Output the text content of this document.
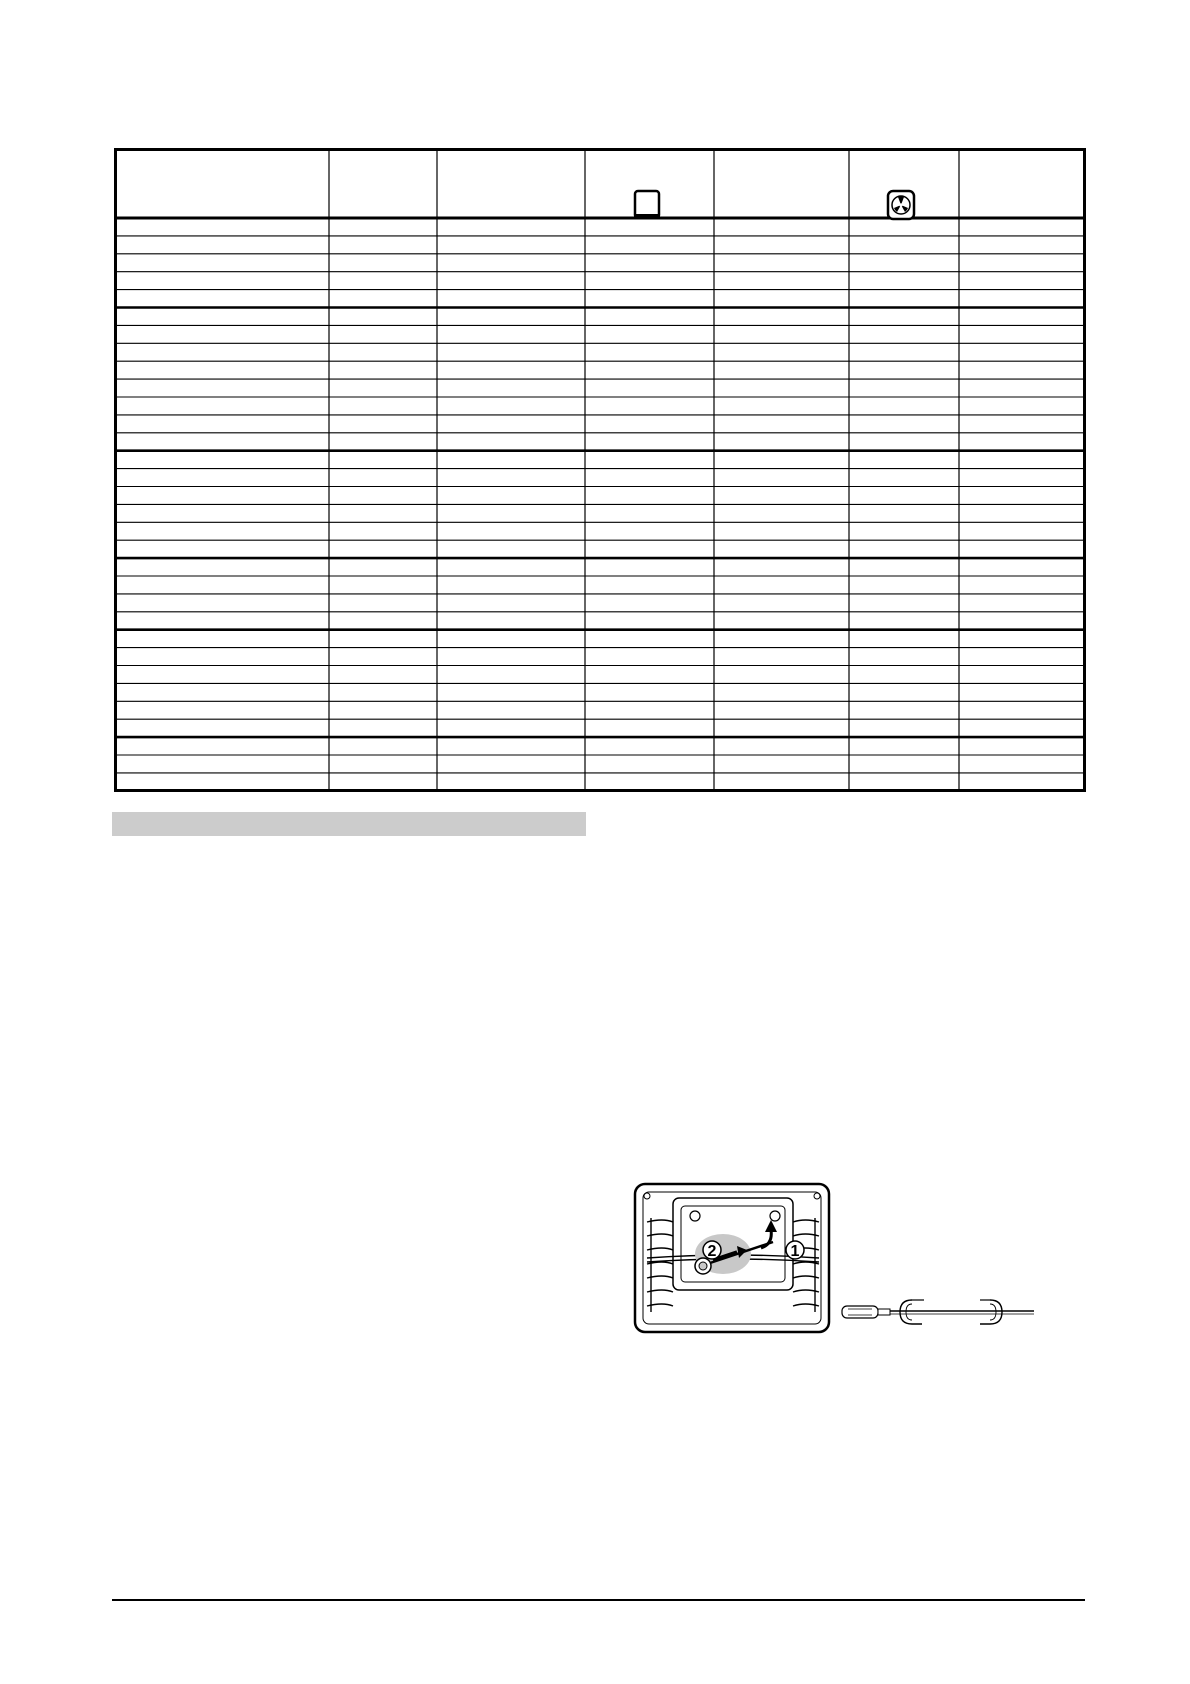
2	1
